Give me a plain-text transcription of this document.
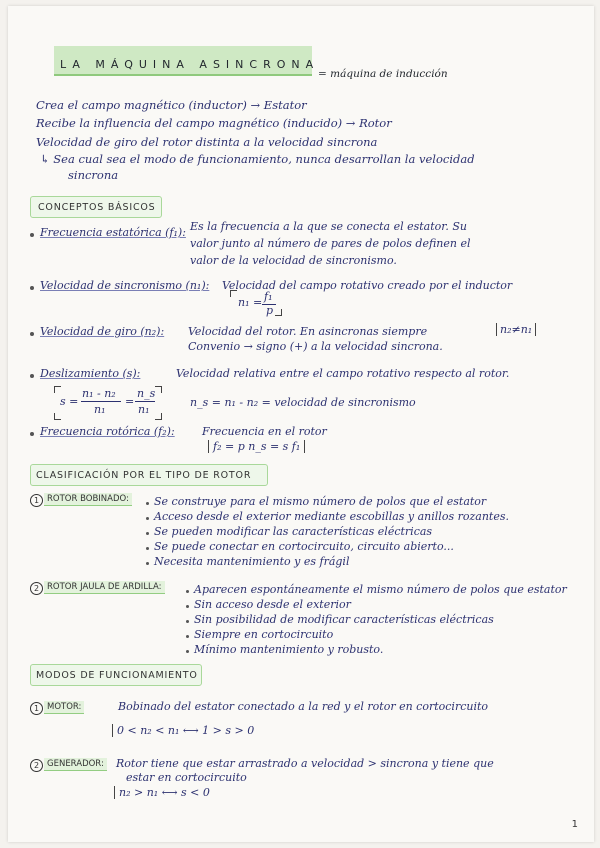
LA MÁQUINA ASINCRONA
= máquina de inducción
Crea el campo magnético (inductor) → Estator
Recibe la influencia del campo magnético (inducido) → Rotor
Velocidad de giro del rotor distinta a la velocidad sincrona
↳ Sea cual sea el modo de funcionamiento, nunca desarrollan la velocidad
sincrona
CONCEPTOS BÁSICOS
Frecuencia estatórica (f₁): Es la frecuencia a la que se conecta el estator. Su
valor junto al número de pares de polos definen el
valor de la velocidad de sincronismo.
Velocidad de sincronismo (n₁): Velocidad del campo rotativo creado por el inductor
n₁ = f₁
p
Velocidad de giro (n₂): Velocidad del rotor. En asincronas siempre
Convenio → signo (+) a la velocidad sincrona.
n₂≠n₁
Deslizamiento (s):	Velocidad relativa entre el campo rotativo respecto al rotor.
s =
n₁ - n₂
n₁
=
n_s
n₁
n_s = n₁ - n₂ = velocidad de sincronismo
Frecuencia rotórica (f₂): Frecuencia en el rotor
f₂ = p n_s = s f₁
CLASIFICACIÓN POR EL TIPO DE ROTOR
1 ROTOR BOBINADO: Se construye para el mismo número de polos que el estator
Acceso desde el exterior mediante escobillas y anillos rozantes.
Se pueden modificar las características eléctricas
Se puede conectar en cortocircuito, circuito abierto...
Necesita mantenimiento y es frágil
2 ROTOR JAULA DE ARDILLA:	Aparecen espontáneamente el mismo número de polos que estator
Sin acceso desde el exterior
Sin posibilidad de modificar características eléctricas
Siempre en cortocircuito
Mínimo mantenimiento y robusto.
MODOS DE FUNCIONAMIENTO
1 MOTOR:	Bobinado del estator conectado a la red y el rotor en cortocircuito
0 < n₂ < n₁ ⟷ 1 > s > 0
2 GENERADOR: Rotor tiene que estar arrastrado a velocidad > sincrona y tiene que
estar en cortocircuito
n₂ > n₁ ⟷ s < 0
1
